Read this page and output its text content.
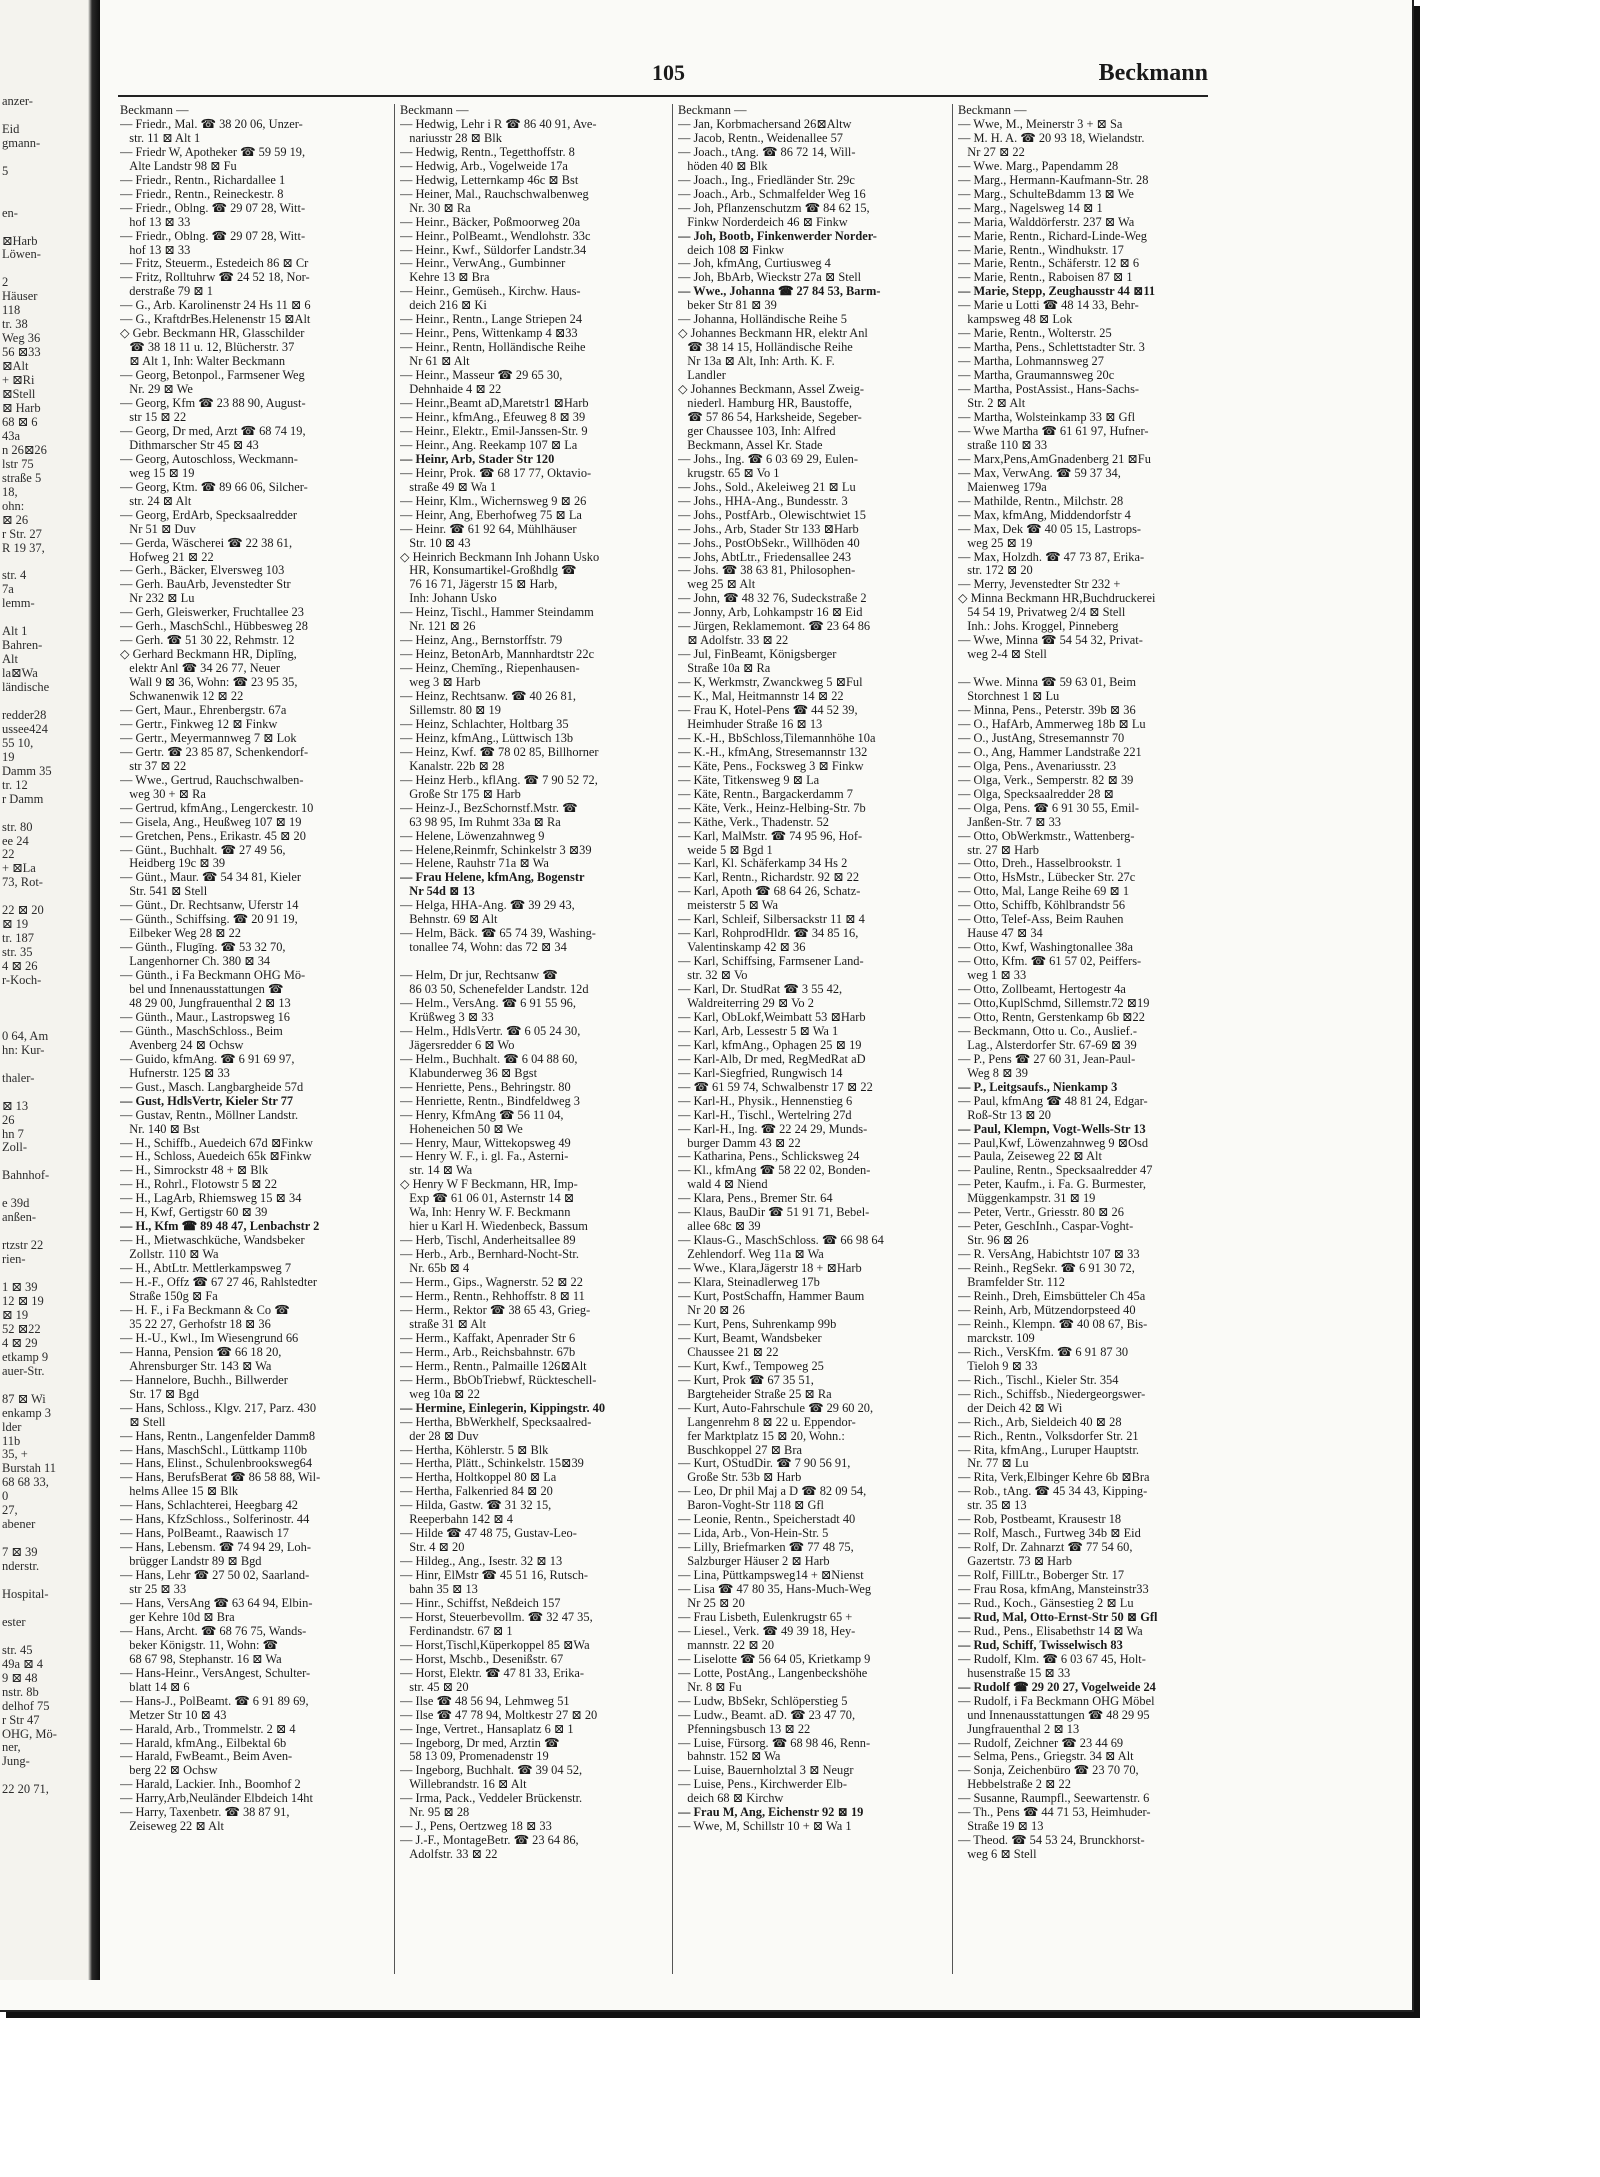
anzer-

Eid
gmann-

5

en-

⊠Harb
Löwen-

2
Häuser
118
tr. 38
Weg 36
56 ⊠33
⊠Alt
+ ⊠Ri
⊠Stell
⊠ Harb
68 ⊠ 6
43a
n 26⊠26
lstr 75
straße 5
18,
ohn:
⊠ 26
r Str. 27
R 19 37,

str. 4
7a
lemm-

Alt 1
Bahren-
Alt
la⊠Wa
ländische

redder28
ussee424
55 10,
19
Damm 35
tr. 12
r Damm

str. 80
ee 24
22
+ ⊠La
73, Rot-

22 ⊠ 20
⊠ 19
tr. 187
str. 35
4 ⊠ 26
r-Koch-

0 64, Am
hn: Kur-

thaler-

⊠ 13
26
hn 7
Zoll-

Bahnhof-

e 39d
anßen-

rtzstr 22
rien-

1 ⊠ 39
12 ⊠ 19
⊠ 19
52 ⊠22
4 ⊠ 29
etkamp 9
auer-Str.

87 ⊠ Wi
enkamp 3
lder
11b
35, +
Burstah 11
68 68 33,
0
27,
abener

7 ⊠ 39
nderstr.

Hospital-

ester

str. 45
49a ⊠ 4
9 ⊠ 48
nstr. 8b
delhof 75
r Str 47
OHG, Mö-
ner,
Jung-

22 20 71,
105	Beckmann
Beckmann —
— Friedr., Mal. ☎ 38 20 06, Unzer-
str. 11 ⊠ Alt 1
— Friedr W, Apotheker ☎ 59 59 19,
Alte Landstr 98 ⊠ Fu
— Friedr., Rentn., Richardallee 1
— Friedr., Rentn., Reineckestr. 8
— Friedr., Oblng. ☎ 29 07 28, Witt-
hof 13 ⊠ 33
— Friedr., Oblng. ☎ 29 07 28, Witt-
hof 13 ⊠ 33
— Fritz, Steuerm., Estedeich 86 ⊠ Cr
— Fritz, Rolltuhrw ☎ 24 52 18, Nor-
derstraße 79 ⊠ 1
— G., Arb. Karolinenstr 24 Hs 11 ⊠ 6
— G., KraftdrBes.Helenenstr 15 ⊠Alt
◇ Gebr. Beckmann HR, Glasschilder
☎ 38 18 11 u. 12, Blücherstr. 37
⊠ Alt 1, Inh: Walter Beckmann
— Georg, Betonpol., Farmsener Weg
Nr. 29 ⊠ We
— Georg, Kfm ☎ 23 88 90, August-
str 15 ⊠ 22
— Georg, Dr med, Arzt ☎ 68 74 19,
Dithmarscher Str 45 ⊠ 43
— Georg, Autoschloss, Weckmann-
weg 15 ⊠ 19
— Georg, Ktm. ☎ 89 66 06, Silcher-
str. 24 ⊠ Alt
— Georg, ErdArb, Specksaalredder
Nr 51 ⊠ Duv
— Gerda, Wäscherei ☎ 22 38 61,
Hofweg 21 ⊠ 22
— Gerh., Bäcker, Elversweg 103
— Gerh. BauArb, Jevenstedter Str
Nr 232 ⊠ Lu
— Gerh, Gleiswerker, Fruchtallee 23
— Gerh., MaschSchl., Hübbesweg 28
— Gerh. ☎ 51 30 22, Rehmstr. 12
◇ Gerhard Beckmann HR, Diplīng,
elektr Anl ☎ 34 26 77, Neuer
Wall 9 ⊠ 36, Wohn: ☎ 23 95 35,
Schwanenwik 12 ⊠ 22
— Gert, Maur., Ehrenbergstr. 67a
— Gertr., Finkweg 12 ⊠ Finkw
— Gertr., Meyermannweg 7 ⊠ Lok
— Gertr. ☎ 23 85 87, Schenkendorf-
str 37 ⊠ 22
— Wwe., Gertrud, Rauchschwalben-
weg 30 + ⊠ Ra
— Gertrud, kfmAng., Lengerckestr. 10
— Gisela, Ang., Heußweg 107 ⊠ 19
— Gretchen, Pens., Erikastr. 45 ⊠ 20
— Günt., Buchhalt. ☎ 27 49 56,
Heidberg 19c ⊠ 39
— Günt., Maur. ☎ 54 34 81, Kieler
Str. 541 ⊠ Stell
— Günt., Dr. Rechtsanw, Uferstr 14
— Günth., Schiffsing. ☎ 20 91 19,
Eilbeker Weg 28 ⊠ 22
— Günth., Flugīng. ☎ 53 32 70,
Langenhorner Ch. 380 ⊠ 34
— Günth., i Fa Beckmann OHG Mö-
bel und Innenausstattungen ☎
48 29 00, Jungfrauenthal 2 ⊠ 13
— Günth., Maur., Lastropsweg 16
— Günth., MaschSchloss., Beim
Avenberg 24 ⊠ Ochsw
— Guido, kfmAng. ☎ 6 91 69 97,
Hufnerstr. 125 ⊠ 33
— Gust., Masch. Langbargheide 57d
— Gust, HdlsVertr, Kieler Str 77
— Gustav, Rentn., Möllner Landstr.
Nr. 140 ⊠ Bst
— H., Schiffb., Auedeich 67d ⊠Finkw
— H., Schloss, Auedeich 65k ⊠Finkw
— H., Simrockstr 48 + ⊠ Blk
— H., Rohrl., Flotowstr 5 ⊠ 22
— H., LagArb, Rhiemsweg 15 ⊠ 34
— H, Kwf, Gertigstr 60 ⊠ 39
— H., Kfm ☎ 89 48 47, Lenbachstr 2
— H., Mietwaschküche, Wandsbeker
Zollstr. 110 ⊠ Wa
— H., AbtLtr. Mettlerkampsweg 7
— H.-F., Offz ☎ 67 27 46, Rahlstedter
Straße 150g ⊠ Fa
— H. F., i Fa Beckmann & Co ☎
35 22 27, Gerhofstr 18 ⊠ 36
— H.-U., Kwl., Im Wiesengrund 66
— Hanna, Pension ☎ 66 18 20,
Ahrensburger Str. 143 ⊠ Wa
— Hannelore, Buchh., Billwerder
Str. 17 ⊠ Bgd
— Hans, Schloss., Klgv. 217, Parz. 430
⊠ Stell
— Hans, Rentn., Langenfelder Damm8
— Hans, MaschSchl., Lüttkamp 110b
— Hans, Elinst., Schulenbrooksweg64
— Hans, BerufsBerat ☎ 86 58 88, Wil-
helms Allee 15 ⊠ Blk
— Hans, Schlachterei, Heegbarg 42
— Hans, KfzSchloss., Solferinostr. 44
— Hans, PolBeamt., Raawisch 17
— Hans, Lebensm. ☎ 74 94 29, Loh-
brügger Landstr 89 ⊠ Bgd
— Hans, Lehr ☎ 27 50 02, Saarland-
str 25 ⊠ 33
— Hans, VersAng ☎ 63 64 94, Elbin-
ger Kehre 10d ⊠ Bra
— Hans, Archt. ☎ 68 76 75, Wands-
beker Königstr. 11, Wohn: ☎
68 67 98, Stephanstr. 16 ⊠ Wa
— Hans-Heinr., VersAngest, Schulter-
blatt 14 ⊠ 6
— Hans-J., PolBeamt. ☎ 6 91 89 69,
Metzer Str 10 ⊠ 43
— Harald, Arb., Trommelstr. 2 ⊠ 4
— Harald, kfmAng., Eilbektal 6b
— Harald, FwBeamt., Beim Aven-
berg 22 ⊠ Ochsw
— Harald, Lackier. Inh., Boomhof 2
— Harry,Arb,Neuländer Elbdeich 14ht
— Harry, Taxenbetr. ☎ 38 87 91,
Zeiseweg 22 ⊠ Alt
Beckmann —
— Hedwig, Lehr i R ☎ 86 40 91, Ave-
nariusstr 28 ⊠ Blk
— Hedwig, Rentn., Tegetthoffstr. 8
— Hedwig, Arb., Vogelweide 17a
— Hedwig, Letternkamp 46c ⊠ Bst
— Heiner, Mal., Rauchschwalbenweg
Nr. 30 ⊠ Ra
— Heinr., Bäcker, Poßmoorweg 20a
— Heinr., PolBeamt., Wendlohstr. 33c
— Heinr., Kwf., Süldorfer Landstr.34
— Heinr., VerwAng., Gumbinner
Kehre 13 ⊠ Bra
— Heinr., Gemüseh., Kirchw. Haus-
deich 216 ⊠ Ki
— Heinr., Rentn., Lange Striepen 24
— Heinr., Pens, Wittenkamp 4 ⊠33
— Heinr., Rentn, Holländische Reihe
Nr 61 ⊠ Alt
— Heinr., Masseur ☎ 29 65 30,
Dehnhaide 4 ⊠ 22
— Heinr.,Beamt aD,Maretstr1 ⊠Harb
— Heinr., kfmAng., Efeuweg 8 ⊠ 39
— Heinr., Elektr., Emil-Janssen-Str. 9
— Heinr., Ang. Reekamp 107 ⊠ La
— Heinr, Arb, Stader Str 120
— Heinr, Prok. ☎ 68 17 77, Oktavio-
straße 49 ⊠ Wa 1
— Heinr, Klm., Wichernsweg 9 ⊠ 26
— Heinr, Ang, Eberhofweg 75 ⊠ La
— Heinr. ☎ 61 92 64, Mühlhäuser
Str. 10 ⊠ 43
◇ Heinrich Beckmann Inh Johann Usko
HR, Konsumartikel-Großhdlg ☎
76 16 71, Jägerstr 15 ⊠ Harb,
Inh: Johann Usko
— Heinz, Tischl., Hammer Steindamm
Nr. 121 ⊠ 26
— Heinz, Ang., Bernstorffstr. 79
— Heinz, BetonArb, Mannhardtstr 22c
— Heinz, Chemīng., Riepenhausen-
weg 3 ⊠ Harb
— Heinz, Rechtsanw. ☎ 40 26 81,
Sillemstr. 80 ⊠ 19
— Heinz, Schlachter, Holtbarg 35
— Heinz, kfmAng., Lüttwisch 13b
— Heinz, Kwf. ☎ 78 02 85, Billhorner
Kanalstr. 22b ⊠ 28
— Heinz Herb., kflAng. ☎ 7 90 52 72,
Große Str 175 ⊠ Harb
— Heinz-J., BezSchornstf.Mstr. ☎
63 98 95, Im Ruhmt 33a ⊠ Ra
— Helene, Löwenzahnweg 9
— Helene,Reinmfr, Schinkelstr 3 ⊠39
— Helene, Rauhstr 71a ⊠ Wa
— Frau Helene, kfmAng, Bogenstr
Nr 54d ⊠ 13
— Helga, HHA-Ang. ☎ 39 29 43,
Behnstr. 69 ⊠ Alt
— Helm, Bäck. ☎ 65 74 39, Washing-
tonallee 74, Wohn: das 72 ⊠ 34

— Helm, Dr jur, Rechtsanw ☎
86 03 50, Schenefelder Landstr. 12d
— Helm., VersAng. ☎ 6 91 55 96,
Krüßweg 3 ⊠ 33
— Helm., HdlsVertr. ☎ 6 05 24 30,
Jägersredder 6 ⊠ Wo
— Helm., Buchhalt. ☎ 6 04 88 60,
Klabunderweg 36 ⊠ Bgst
— Henriette, Pens., Behringstr. 80
— Henriette, Rentn., Bindfeldweg 3
— Henry, KfmAng ☎ 56 11 04,
Hoheneichen 50 ⊠ We
— Henry, Maur, Wittekopsweg 49
— Henry W. F., i. gl. Fa., Asterni-
str. 14 ⊠ Wa
◇ Henry W F Beckmann, HR, Imp-
Exp ☎ 61 06 01, Asternstr 14 ⊠
Wa, Inh: Henry W. F. Beckmann
hier u Karl H. Wiedenbeck, Bassum
— Herb, Tischl, Anderheitsallee 89
— Herb., Arb., Bernhard-Nocht-Str.
Nr. 65b ⊠ 4
— Herm., Gips., Wagnerstr. 52 ⊠ 22
— Herm., Rentn., Rehhoffstr. 8 ⊠ 11
— Herm., Rektor ☎ 38 65 43, Grieg-
straße 31 ⊠ Alt
— Herm., Kaffakt, Apenrader Str 6
— Herm., Arb., Reichsbahnstr. 67b
— Herm., Rentn., Palmaille 126⊠Alt
— Herm., BbObTriebwf, Rückteschell-
weg 10a ⊠ 22
— Hermine, Einlegerin, Kippingstr. 40
— Hertha, BbWerkhelf, Specksaalred-
der 28 ⊠ Duv
— Hertha, Köhlerstr. 5 ⊠ Blk
— Hertha, Plätt., Schinkelstr. 15⊠39
— Hertha, Holtkoppel 80 ⊠ La
— Hertha, Falkenried 84 ⊠ 20
— Hilda, Gastw. ☎ 31 32 15,
Reeperbahn 142 ⊠ 4
— Hilde ☎ 47 48 75, Gustav-Leo-
Str. 4 ⊠ 20
— Hildeg., Ang., Isestr. 32 ⊠ 13
— Hinr, ElMstr ☎ 45 51 16, Rutsch-
bahn 35 ⊠ 13
— Hinr., Schiffst, Neßdeich 157
— Horst, Steuerbevollm. ☎ 32 47 35,
Ferdinandstr. 67 ⊠ 1
— Horst,Tischl,Küperkoppel 85 ⊠Wa
— Horst, Mschb., Desenißstr. 67
— Horst, Elektr. ☎ 47 81 33, Erika-
str. 45 ⊠ 20
— Ilse ☎ 48 56 94, Lehmweg 51
— Ilse ☎ 47 78 94, Moltkestr 27 ⊠ 20
— Inge, Vertret., Hansaplatz 6 ⊠ 1
— Ingeborg, Dr med, Arztin ☎
58 13 09, Promenadenstr 19
— Ingeborg, Buchhalt. ☎ 39 04 52,
Willebrandstr. 16 ⊠ Alt
— Irma, Pack., Veddeler Brückenstr.
Nr. 95 ⊠ 28
— J., Pens, Oertzweg 18 ⊠ 33
— J.-F., MontageBetr. ☎ 23 64 86,
Adolfstr. 33 ⊠ 22
Beckmann —
— Jan, Korbmachersand 26⊠Altw
— Jacob, Rentn., Weidenallee 57
— Joach., tAng. ☎ 86 72 14, Will-
höden 40 ⊠ Blk
— Joach., Ing., Friedländer Str. 29c
— Joach., Arb., Schmalfelder Weg 16
— Joh, Pflanzenschutzm ☎ 84 62 15,
Finkw Norderdeich 46 ⊠ Finkw
— Joh, Bootb, Finkenwerder Norder-
deich 108 ⊠ Finkw
— Joh, kfmAng, Curtiusweg 4
— Joh, BbArb, Wieckstr 27a ⊠ Stell
— Wwe., Johanna ☎ 27 84 53, Barm-
beker Str 81 ⊠ 39
— Johanna, Holländische Reihe 5
◇ Johannes Beckmann HR, elektr Anl
☎ 38 14 15, Holländische Reihe
Nr 13a ⊠ Alt, Inh: Arth. K. F.
Landler
◇ Johannes Beckmann, Assel Zweig-
niederl. Hamburg HR, Baustoffe,
☎ 57 86 54, Harksheide, Segeber-
ger Chaussee 103, Inh: Alfred
Beckmann, Assel Kr. Stade
— Johs., Ing. ☎ 6 03 69 29, Eulen-
krugstr. 65 ⊠ Vo 1
— Johs., Sold., Akeleiweg 21 ⊠ Lu
— Johs., HHA-Ang., Bundesstr. 3
— Johs., PostfArb., Olewischtwiet 15
— Johs., Arb, Stader Str 133 ⊠Harb
— Johs., PostObSekr., Willhöden 40
— Johs, AbtLtr., Friedensallee 243
— Johs. ☎ 38 63 81, Philosophen-
weg 25 ⊠ Alt
— John, ☎ 48 32 76, Sudeckstraße 2
— Jonny, Arb, Lohkampstr 16 ⊠ Eid
— Jürgen, Reklamemont. ☎ 23 64 86
⊠ Adolfstr. 33 ⊠ 22
— Jul, FinBeamt, Königsberger
Straße 10a ⊠ Ra
— K, Werkmstr, Zwanckweg 5 ⊠Ful
— K., Mal, Heitmannstr 14 ⊠ 22
— Frau K, Hotel-Pens ☎ 44 52 39,
Heimhuder Straße 16 ⊠ 13
— K.-H., BbSchloss,Tilemannhöhe 10a
— K.-H., kfmAng, Stresemannstr 132
— Käte, Pens., Focksweg 3 ⊠ Finkw
— Käte, Titkensweg 9 ⊠ La
— Käte, Rentn., Bargackerdamm 7
— Käte, Verk., Heinz-Helbing-Str. 7b
— Käthe, Verk., Thadenstr. 52
— Karl, MalMstr. ☎ 74 95 96, Hof-
weide 5 ⊠ Bgd 1
— Karl, Kl. Schäferkamp 34 Hs 2
— Karl, Rentn., Richardstr. 92 ⊠ 22
— Karl, Apoth ☎ 68 64 26, Schatz-
meisterstr 5 ⊠ Wa
— Karl, Schleif, Silbersackstr 11 ⊠ 4
— Karl, RohprodHldr. ☎ 34 85 16,
Valentinskamp 42 ⊠ 36
— Karl, Schiffsing, Farmsener Land-
str. 32 ⊠ Vo
— Karl, Dr. StudRat ☎ 3 55 42,
Waldreiterring 29 ⊠ Vo 2
— Karl, ObLokf,Weimbatt 53 ⊠Harb
— Karl, Arb, Lessestr 5 ⊠ Wa 1
— Karl, kfmAng., Ophagen 25 ⊠ 19
— Karl-Alb, Dr med, RegMedRat aD
— Karl-Siegfried, Rungwisch 14
— ☎ 61 59 74, Schwalbenstr 17 ⊠ 22
— Karl-H., Physik., Hennenstieg 6
— Karl-H., Tischl., Wertelring 27d
— Karl-H., Ing. ☎ 22 24 29, Munds-
burger Damm 43 ⊠ 22
— Katharina, Pens., Schlicksweg 24
— Kl., kfmAng ☎ 58 22 02, Bonden-
wald 4 ⊠ Niend
— Klara, Pens., Bremer Str. 64
— Klaus, BauDir ☎ 51 91 71, Bebel-
allee 68c ⊠ 39
— Klaus-G., MaschSchloss. ☎ 66 98 64
Zehlendorf. Weg 11a ⊠ Wa
— Wwe., Klara,Jägerstr 18 + ⊠Harb
— Klara, Steinadlerweg 17b
— Kurt, PostSchaffn, Hammer Baum
Nr 20 ⊠ 26
— Kurt, Pens, Suhrenkamp 99b
— Kurt, Beamt, Wandsbeker
Chaussee 21 ⊠ 22
— Kurt, Kwf., Tempoweg 25
— Kurt, Prok ☎ 67 35 51,
Bargteheider Straße 25 ⊠ Ra
— Kurt, Auto-Fahrschule ☎ 29 60 20,
Langenrehm 8 ⊠ 22 u. Eppendor-
fer Marktplatz 15 ⊠ 20, Wohn.:
Buschkoppel 27 ⊠ Bra
— Kurt, OStudDir. ☎ 7 90 56 91,
Große Str. 53b ⊠ Harb
— Leo, Dr phil Maj a D ☎ 82 09 54,
Baron-Voght-Str 118 ⊠ Gfl
— Leonie, Rentn., Speicherstadt 40
— Lida, Arb., Von-Hein-Str. 5
— Lilly, Briefmarken ☎ 77 48 75,
Salzburger Häuser 2 ⊠ Harb
— Lina, Püttkampsweg14 + ⊠Nienst
— Lisa ☎ 47 80 35, Hans-Much-Weg
Nr 25 ⊠ 20
— Frau Lisbeth, Eulenkrugstr 65 +
— Liesel., Verk. ☎ 49 39 18, Hey-
mannstr. 22 ⊠ 20
— Liselotte ☎ 56 64 05, Krietkamp 9
— Lotte, PostAng., Langenbeckshöhe
Nr. 8 ⊠ Fu
— Ludw, BbSekr, Schlöperstieg 5
— Ludw., Beamt. aD. ☎ 23 47 70,
Pfenningsbusch 13 ⊠ 22
— Luise, Fürsorg. ☎ 68 98 46, Renn-
bahnstr. 152 ⊠ Wa
— Luise, Bauernholztal 3 ⊠ Neugr
— Luise, Pens., Kirchwerder Elb-
deich 68 ⊠ Kirchw
— Frau M, Ang, Eichenstr 92 ⊠ 19
— Wwe, M, Schillstr 10 + ⊠ Wa 1
Beckmann —
— Wwe, M., Meinerstr 3 + ⊠ Sa
— M. H. A. ☎ 20 93 18, Wielandstr.
Nr 27 ⊠ 22
— Wwe. Marg., Papendamm 28
— Marg., Hermann-Kaufmann-Str. 28
— Marg., SchulteBdamm 13 ⊠ We
— Marg., Nagelsweg 14 ⊠ 1
— Maria, Walddörferstr. 237 ⊠ Wa
— Marie, Rentn., Richard-Linde-Weg
— Marie, Rentn., Windhukstr. 17
— Marie, Rentn., Schäferstr. 12 ⊠ 6
— Marie, Rentn., Raboisen 87 ⊠ 1
— Marie, Stepp, Zeughausstr 44 ⊠11
— Marie u Lotti ☎ 48 14 33, Behr-
kampsweg 48 ⊠ Lok
— Marie, Rentn., Wolterstr. 25
— Martha, Pens., Schlettstadter Str. 3
— Martha, Lohmannsweg 27
— Martha, Graumannsweg 20c
— Martha, PostAssist., Hans-Sachs-
Str. 2 ⊠ Alt
— Martha, Wolsteinkamp 33 ⊠ Gfl
— Wwe Martha ☎ 61 61 97, Hufner-
straße 110 ⊠ 33
— Marx,Pens,AmGnadenberg 21 ⊠Fu
— Max, VerwAng. ☎ 59 37 34,
Maienweg 179a
— Mathilde, Rentn., Milchstr. 28
— Max, kfmAng, Middendorfstr 4
— Max, Dek ☎ 40 05 15, Lastrops-
weg 25 ⊠ 19
— Max, Holzdh. ☎ 47 73 87, Erika-
str. 172 ⊠ 20
— Merry, Jevenstedter Str 232 +
◇ Minna Beckmann HR,Buchdruckerei
54 54 19, Privatweg 2/4 ⊠ Stell
Inh.: Johs. Kroggel, Pinneberg
— Wwe, Minna ☎ 54 54 32, Privat-
weg 2-4 ⊠ Stell

— Wwe. Minna ☎ 59 63 01, Beim
Storchnest 1 ⊠ Lu
— Minna, Pens., Peterstr. 39b ⊠ 36
— O., HafArb, Ammerweg 18b ⊠ Lu
— O., JustAng, Stresemannstr 70
— O., Ang, Hammer Landstraße 221
— Olga, Pens., Avenariusstr. 23
— Olga, Verk., Semperstr. 82 ⊠ 39
— Olga, Specksaalredder 28 ⊠
— Olga, Pens. ☎ 6 91 30 55, Emil-
Janßen-Str. 7 ⊠ 33
— Otto, ObWerkmstr., Wattenberg-
str. 27 ⊠ Harb
— Otto, Dreh., Hasselbrookstr. 1
— Otto, HsMstr., Lübecker Str. 27c
— Otto, Mal, Lange Reihe 69 ⊠ 1
— Otto, Schiffb, Köhlbrandstr 56
— Otto, Telef-Ass, Beim Rauhen
Hause 47 ⊠ 34
— Otto, Kwf, Washingtonallee 38a
— Otto, Kfm. ☎ 61 57 02, Peiffers-
weg 1 ⊠ 33
— Otto, Zollbeamt, Hertogestr 4a
— Otto,KuplSchmd, Sillemstr.72 ⊠19
— Otto, Rentn, Gerstenkamp 6b ⊠22
— Beckmann, Otto u. Co., Auslief.-
Lag., Alsterdorfer Str. 67-69 ⊠ 39
— P., Pens ☎ 27 60 31, Jean-Paul-
Weg 8 ⊠ 39
— P., Leitgsaufs., Nienkamp 3
— Paul, kfmAng ☎ 48 81 24, Edgar-
Roß-Str 13 ⊠ 20
— Paul, Klempn, Vogt-Wells-Str 13
— Paul,Kwf, Löwenzahnweg 9 ⊠Osd
— Paula, Zeiseweg 22 ⊠ Alt
— Pauline, Rentn., Specksaalredder 47
— Peter, Kaufm., i. Fa. G. Burmester,
Müggenkampstr. 31 ⊠ 19
— Peter, Vertr., Griesstr. 80 ⊠ 26
— Peter, GeschInh., Caspar-Voght-
Str. 96 ⊠ 26
— R. VersAng, Habichtstr 107 ⊠ 33
— Reinh., RegSekr. ☎ 6 91 30 72,
Bramfelder Str. 112
— Reinh., Dreh, Eimsbütteler Ch 45a
— Reinh, Arb, Mützendorpsteed 40
— Reinh., Klempn. ☎ 40 08 67, Bis-
marckstr. 109
— Rich., VersKfm. ☎ 6 91 87 30
Tieloh 9 ⊠ 33
— Rich., Tischl., Kieler Str. 354
— Rich., Schiffsb., Niedergeorgswer-
der Deich 42 ⊠ Wi
— Rich., Arb, Sieldeich 40 ⊠ 28
— Rich., Rentn., Volksdorfer Str. 21
— Rita, kfmAng., Luruper Hauptstr.
Nr. 77 ⊠ Lu
— Rita, Verk,Elbinger Kehre 6b ⊠Bra
— Rob., tAng. ☎ 45 34 43, Kipping-
str. 35 ⊠ 13
— Rob, Postbeamt, Krausestr 18
— Rolf, Masch., Furtweg 34b ⊠ Eid
— Rolf, Dr. Zahnarzt ☎ 77 54 60,
Gazertstr. 73 ⊠ Harb
— Rolf, FillLtr., Boberger Str. 17
— Frau Rosa, kfmAng, Mansteinstr33
— Rud., Koch., Gänsestieg 2 ⊠ Lu
— Rud, Mal, Otto-Ernst-Str 50 ⊠ Gfl
— Rud., Pens., Elisabethstr 14 ⊠ Wa
— Rud, Schiff, Twisselwisch 83
— Rudolf, Klm. ☎ 6 03 67 45, Holt-
husenstraße 15 ⊠ 33
— Rudolf ☎ 29 20 27, Vogelweide 24
— Rudolf, i Fa Beckmann OHG Möbel
und Innenausstattungen ☎ 48 29 95
Jungfrauenthal 2 ⊠ 13
— Rudolf, Zeichner ☎ 23 44 69
— Selma, Pens., Griegstr. 34 ⊠ Alt
— Sonja, Zeichenbüro ☎ 23 70 70,
Hebbelstraße 2 ⊠ 22
— Susanne, Raumpfl., Seewartenstr. 6
— Th., Pens ☎ 44 71 53, Heimhuder-
Straße 19 ⊠ 13
— Theod. ☎ 54 53 24, Brunckhorst-
weg 6 ⊠ Stell
